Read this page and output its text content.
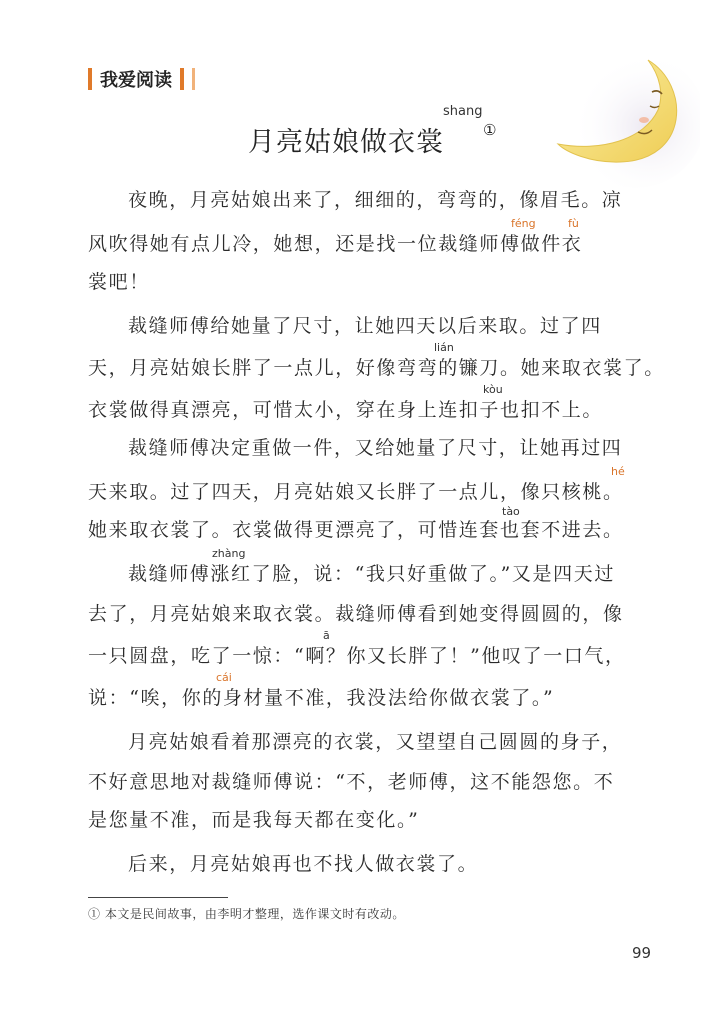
我爱阅读
shang
月亮姑娘做衣裳	①
夜晚，月亮姑娘出来了，细细的，弯弯的，像眉毛。凉
风吹得她有点儿冷，她想，还是找一位裁缝师傅做件衣
裳吧！
裁缝师傅给她量了尺寸，让她四天以后来取。过了四
天，月亮姑娘长胖了一点儿，好像弯弯的镰刀。她来取衣裳了。
衣裳做得真漂亮，可惜太小，穿在身上连扣子也扣不上。
裁缝师傅决定重做一件，又给她量了尺寸，让她再过四
天来取。过了四天，月亮姑娘又长胖了一点儿，像只核桃。
她来取衣裳了。衣裳做得更漂亮了，可惜连套也套不进去。
裁缝师傅涨红了脸，说：“我只好重做了。”又是四天过
去了，月亮姑娘来取衣裳。裁缝师傅看到她变得圆圆的，像
一只圆盘，吃了一惊：“啊？你又长胖了！”他叹了一口气，
说：“唉，你的身材量不准，我没法给你做衣裳了。”
月亮姑娘看着那漂亮的衣裳，又望望自己圆圆的身子，
不好意思地对裁缝师傅说：“不，老师傅，这不能怨您。不
是您量不准，而是我每天都在变化。”
后来，月亮姑娘再也不找人做衣裳了。
féng	fù
lián
kòu
hé
tào
zhàng
ā
cái
① 本文是民间故事，由李明才整理，选作课文时有改动。
99
